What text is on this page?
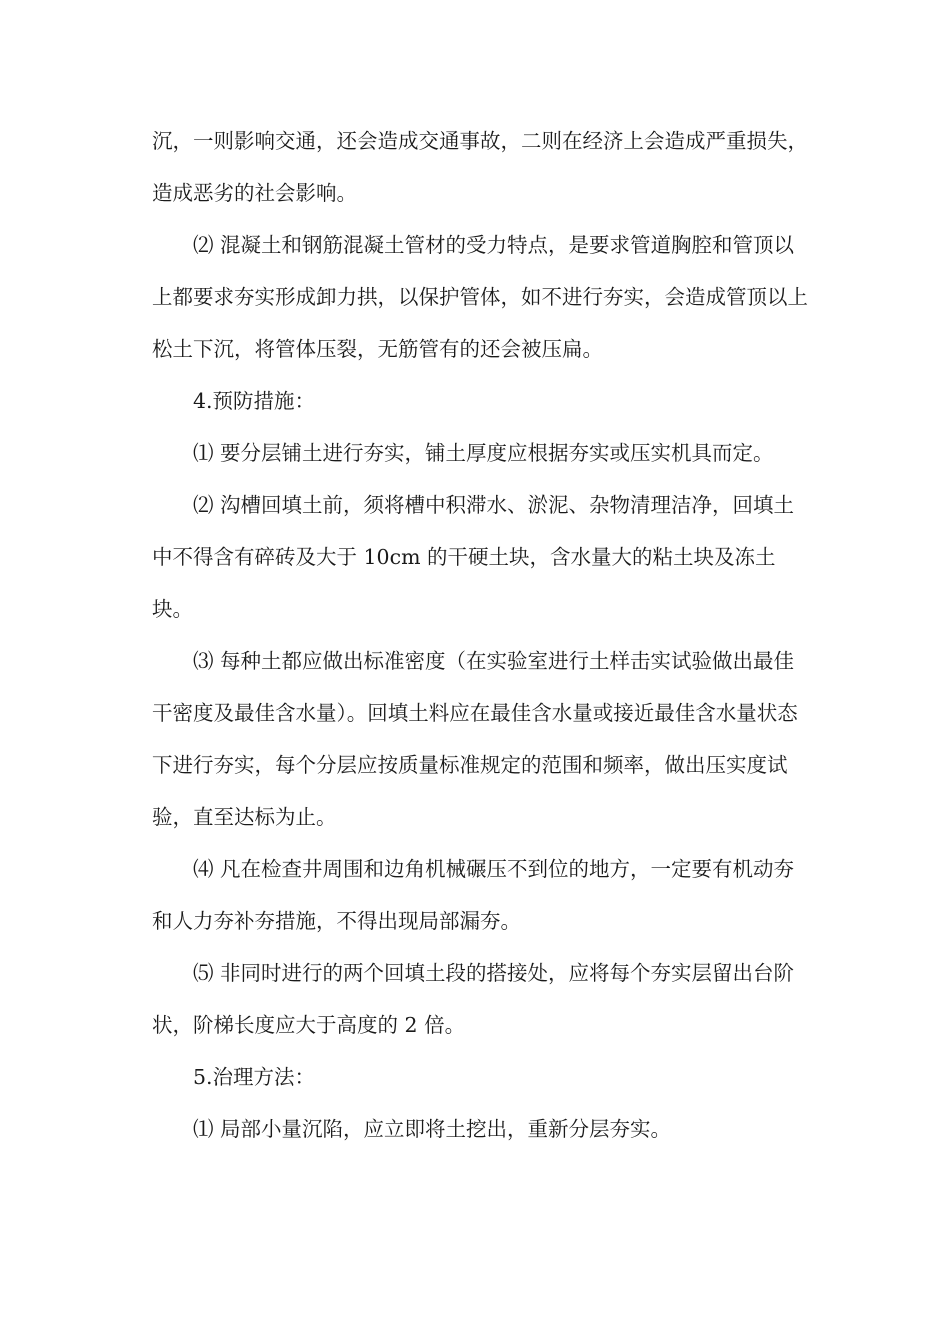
沉，一则影响交通，还会造成交通事故，二则在经济上会造成严重损失，造成恶劣的社会影响。

⑵ 混凝土和钢筋混凝土管材的受力特点，是要求管道胸腔和管顶以上都要求夯实形成卸力拱，以保护管体，如不进行夯实，会造成管顶以上松土下沉，将管体压裂，无筋管有的还会被压扁。

4.预防措施：

⑴ 要分层铺土进行夯实，铺土厚度应根据夯实或压实机具而定。

⑵ 沟槽回填土前，须将槽中积滞水、淤泥、杂物清理洁净，回填土中不得含有碎砖及大于 10cm 的干硬土块，含水量大的粘土块及冻土块。

⑶ 每种土都应做出标准密度（在实验室进行土样击实试验做出最佳干密度及最佳含水量）。回填土料应在最佳含水量或接近最佳含水量状态下进行夯实，每个分层应按质量标准规定的范围和频率，做出压实度试验，直至达标为止。

⑷ 凡在检查井周围和边角机械碾压不到位的地方，一定要有机动夯和人力夯补夯措施，不得出现局部漏夯。

⑸ 非同时进行的两个回填土段的搭接处，应将每个夯实层留出台阶状，阶梯长度应大于高度的 2 倍。

5.治理方法：

⑴ 局部小量沉陷，应立即将土挖出，重新分层夯实。
